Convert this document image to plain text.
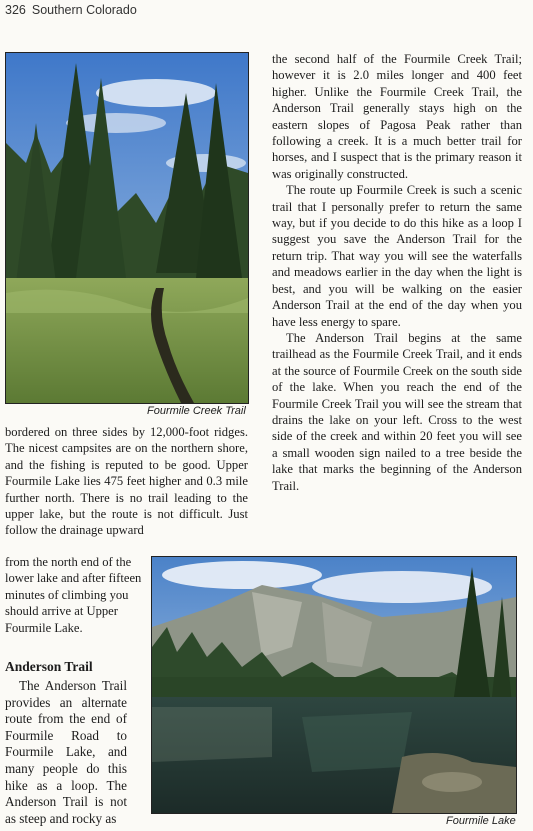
326 Southern Colorado
Fourmile Creek Trail

bordered on three sides by 12,000-foot ridges. The nicest campsites are on the northern shore, and the fishing is reputed to be good. Upper Fourmile Lake lies 475 feet higher and 0.3 mile further north. There is no trail leading to the upper lake, but the route is not difficult. Just follow the drainage upward

from the north end of the lower lake and after fifteen minutes of climbing you should arrive at Upper Fourmile Lake.

Anderson Trail

The Anderson Trail provides an alternate route from the end of Fourmile Road to Fourmile Lake, and many people do this hike as a loop. The Anderson Trail is not as steep and rocky as

the second half of the Fourmile Creek Trail; however it is 2.0 miles longer and 400 feet higher. Unlike the Fourmile Creek Trail, the Anderson Trail generally stays high on the eastern slopes of Pagosa Peak rather than following a creek. It is a much better trail for horses, and I suspect that is the primary reason it was originally constructed.

The route up Fourmile Creek is such a scenic trail that I personally prefer to return the same way, but if you decide to do this hike as a loop I suggest you save the Anderson Trail for the return trip. That way you will see the waterfalls and meadows earlier in the day when the light is best, and you will be walking on the easier Anderson Trail at the end of the day when you have less energy to spare.

The Anderson Trail begins at the same trailhead as the Fourmile Creek Trail, and it ends at the source of Fourmile Creek on the south side of the lake. When you reach the end of the Fourmile Creek Trail you will see the stream that drains the lake on your left. Cross to the west side of the creek and within 20 feet you will see a small wooden sign nailed to a tree beside the lake that marks the beginning of the Anderson Trail.

Fourmile Lake
